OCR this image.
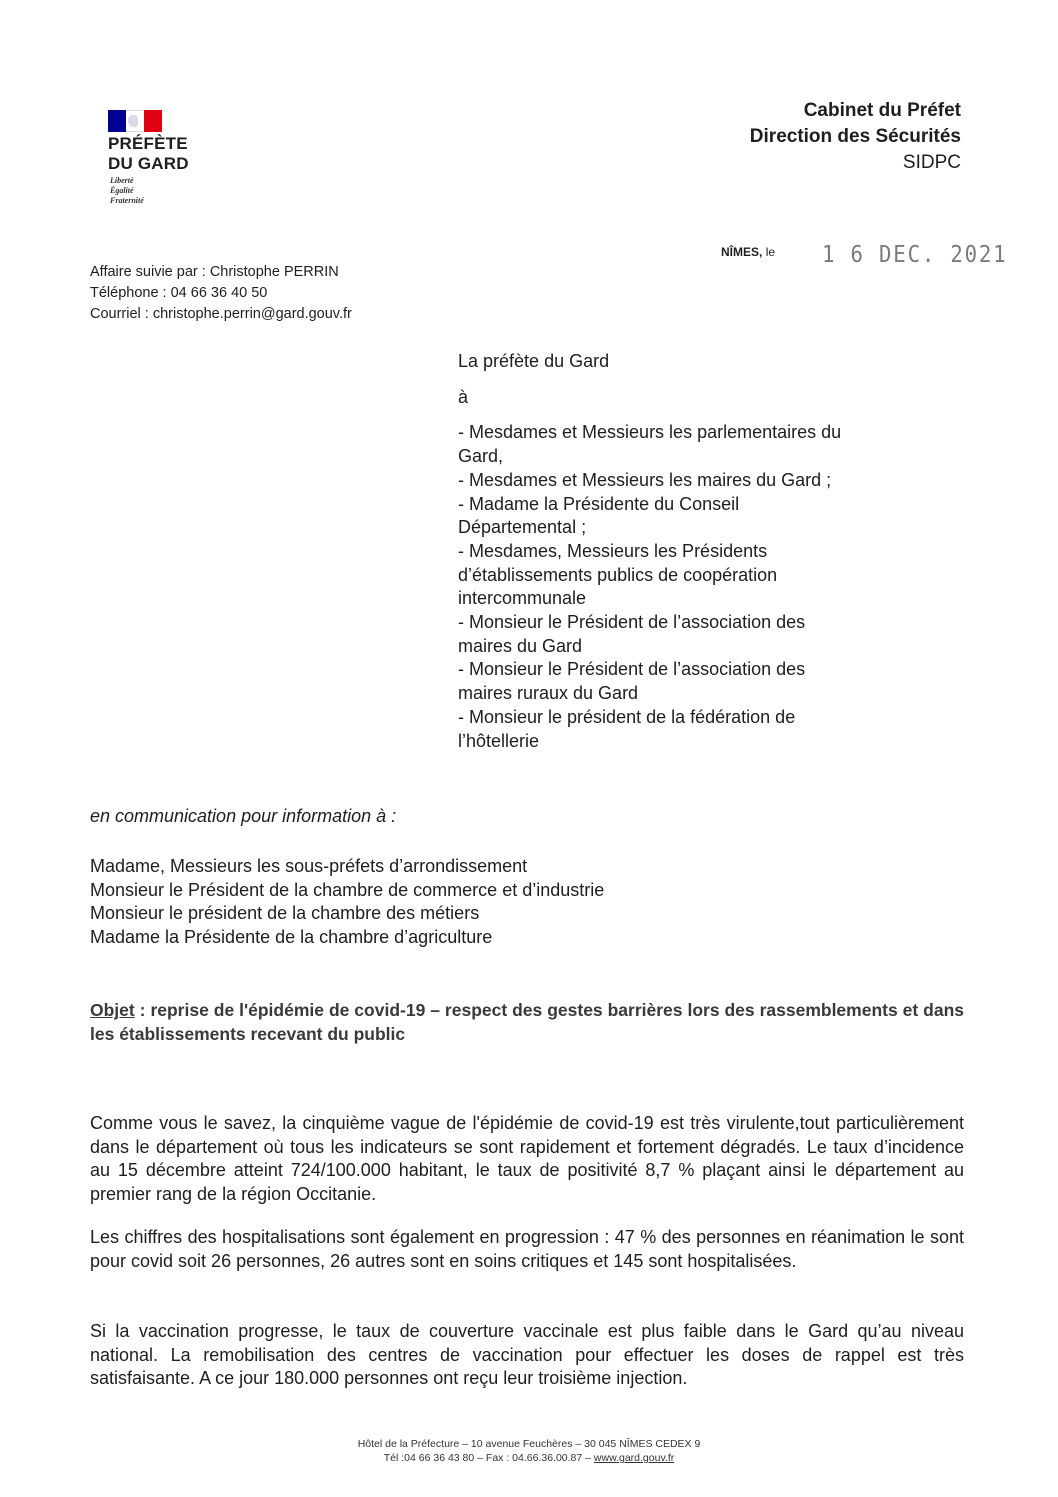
PRÉFÈTE
DU GARD
Liberté
Égalité
Fraternité
Cabinet du Préfet
Direction des Sécurités
SIDPC
NÎMES, le 1 6 DEC. 2021
Affaire suivie par : Christophe PERRIN
Téléphone : 04 66 36 40 50
Courriel : christophe.perrin@gard.gouv.fr

La préfète du Gard

à

- Mesdames et Messieurs les parlementaires du

Gard,

- Mesdames et Messieurs les maires du Gard ;

- Madame la Présidente du Conseil

Départemental ;

- Mesdames, Messieurs les Présidents

d’établissements publics de coopération

intercommunale

- Monsieur le Président de l’association des

maires du Gard

- Monsieur le Président de l’association des

maires ruraux du Gard

- Monsieur le président de la fédération de

l’hôtellerie

en communication pour information à :

Madame, Messieurs les sous-préfets d’arrondissement

Monsieur le Président de la chambre de commerce et d’industrie

Monsieur le président de la chambre des métiers

Madame la Présidente de la chambre d’agriculture

Objet : reprise de l'épidémie de covid-19 – respect des gestes barrières lors des rassemblements et dans les établissements recevant du public
Comme vous le savez, la cinquième vague de l'épidémie de covid-19 est très virulente,tout particulièrement dans le département où tous les indicateurs se sont rapidement et fortement dégradés. Le taux d’incidence au 15 décembre atteint 724/100.000 habitant, le taux de positivité 8,7 % plaçant ainsi le département au premier rang de la région Occitanie.
Les chiffres des hospitalisations sont également en progression : 47 % des personnes en réanimation le sont pour covid soit 26 personnes, 26 autres sont en soins critiques et 145 sont hospitalisées.
Si la vaccination progresse, le taux de couverture vaccinale est plus faible dans le Gard qu’au niveau national. La remobilisation des centres de vaccination pour effectuer les doses de rappel est très satisfaisante. A ce jour 180.000 personnes ont reçu leur troisième injection.
Hôtel de la Préfecture – 10 avenue Feuchères – 30 045 NÎMES CEDEX 9
Tél :04 66 36 43 80 – Fax : 04.66.36.00.87 – www.gard.gouv.fr
